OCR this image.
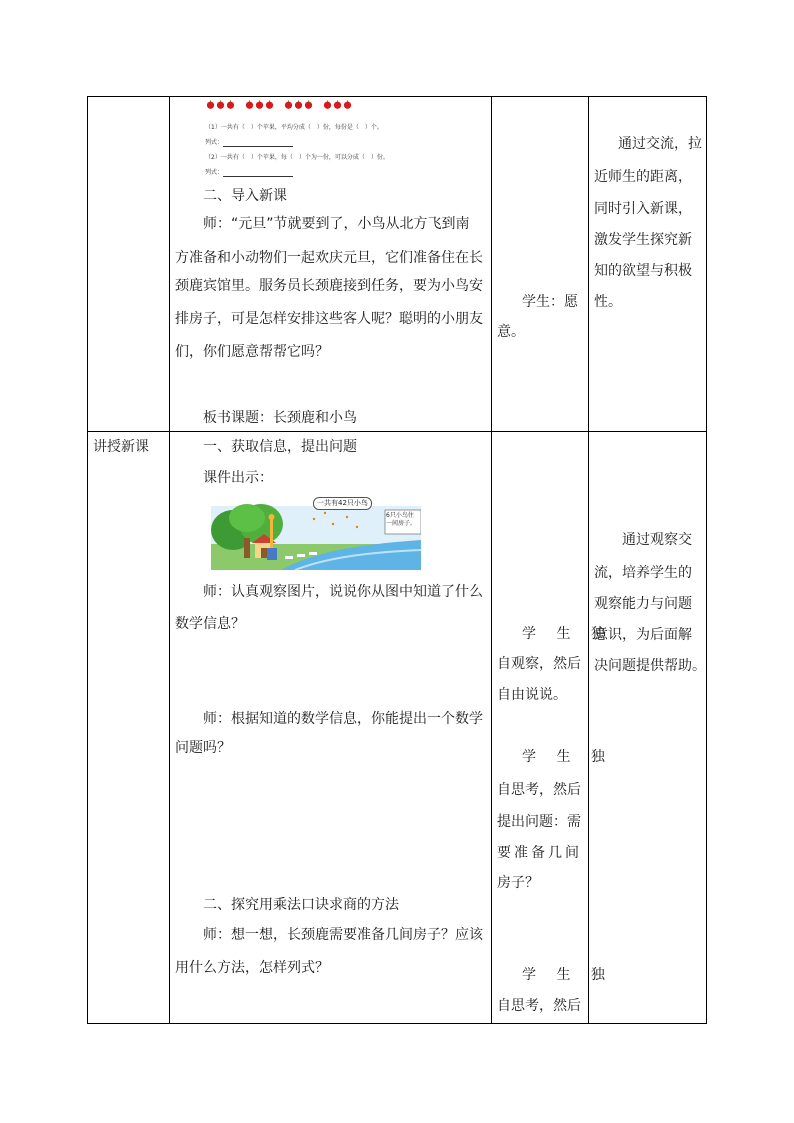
（1）一共有（　）个苹果，平均分成（　）份，每份是（　）个。
列式：
（2）一共有（　）个苹果，每（　）个为一份，可以分成（　）份。
列式：
二、导入新课
师：“元旦”节就要到了，小鸟从北方飞到南
方准备和小动物们一起欢庆元旦，它们准备住在长
颈鹿宾馆里。服务员长颈鹿接到任务，要为小鸟安
排房子，可是怎样安排这些客人呢？聪明的小朋友
们，你们愿意帮帮它吗？
板书课题：长颈鹿和小鸟
学生：愿
意。
通过交流，拉
近师生的距离，
同时引入新课，
激发学生探究新
知的欲望与积极
性。
讲授新课	一、获取信息，提出问题
课件出示：
一共有42只小鸟
6只小鸟住
一间房子。
师：认真观察图片，说说你从图中知道了什么
数学信息？
师：根据知道的数学信息，你能提出一个数学
问题吗？
二、探究用乘法口诀求商的方法
师：想一想，长颈鹿需要准备几间房子？应该
用什么方法，怎样列式？
学 生 独
自观察，然后
自由说说。
学 生 独
自思考，然后
提出问题：需
要准备几间
房子？
学 生 独
自思考，然后
通过观察交
流，培养学生的
观察能力与问题
意识，为后面解
决问题提供帮助。
